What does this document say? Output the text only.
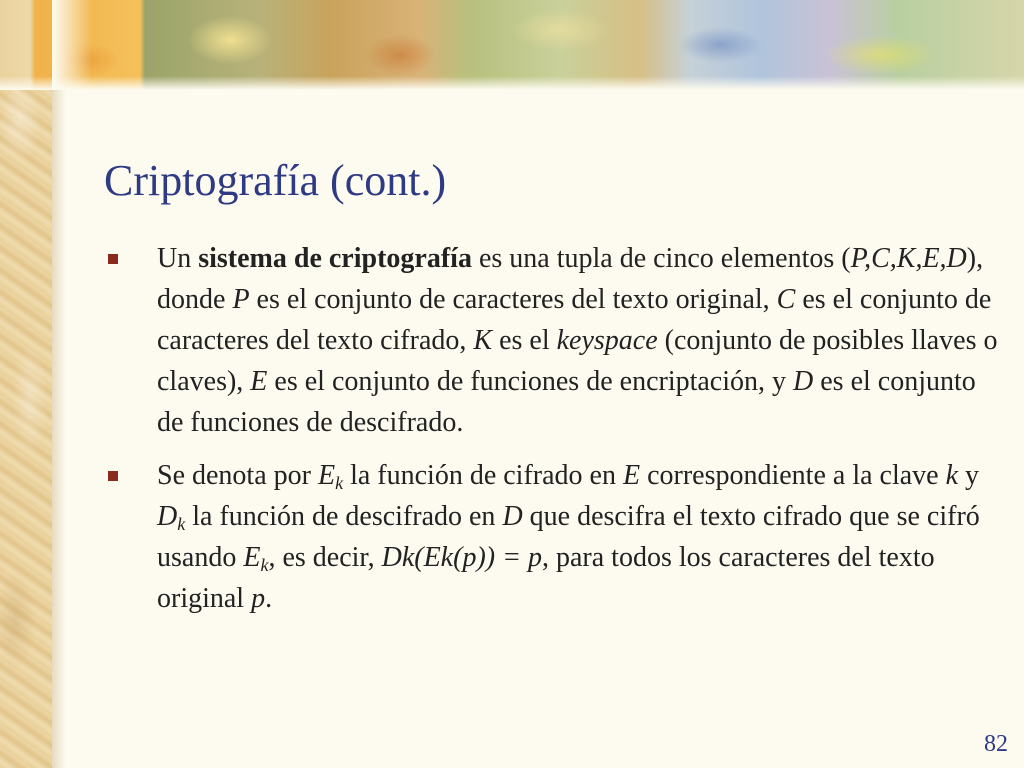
Criptografía (cont.)
Un sistema de criptografía es una tupla de cinco elementos (P,C,K,E,D), donde P es el conjunto de caracteres del texto original, C es el conjunto de caracteres del texto cifrado, K es el keyspace (conjunto de posibles llaves o claves), E es el conjunto de funciones de encriptación, y D es el conjunto de funciones de descifrado.
Se denota por $E_k$ la función de cifrado en E correspondiente a la clave k y $D_k$ la función de descifrado en D que descifra el texto cifrado que se cifró usando $E_k$, es decir, Dk(Ek(p)) = p, para todos los caracteres del texto original p.
82
